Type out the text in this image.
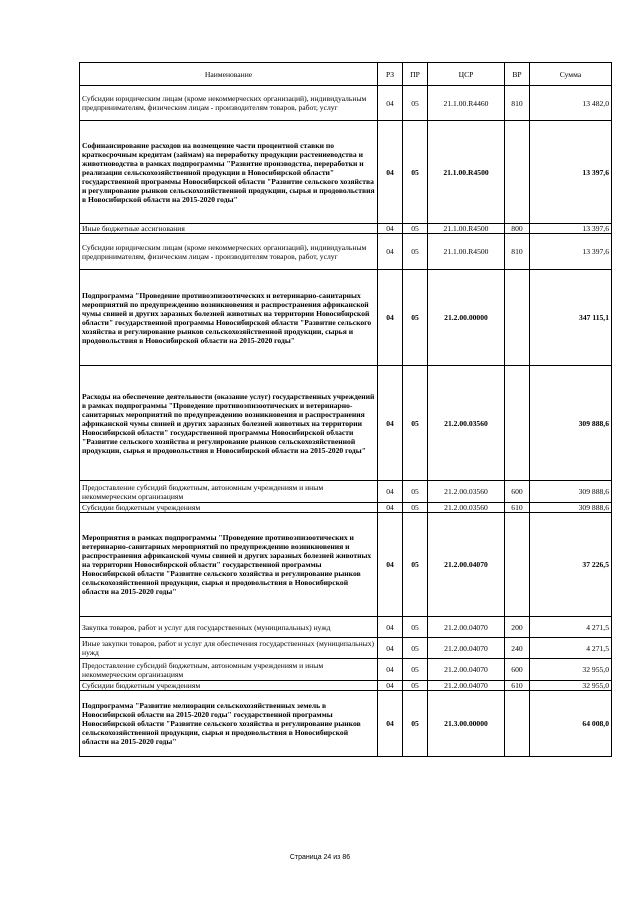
Наименование	РЗ	ПР	ЦСР	ВР	Сумма
Субсидии юридическим лицам (кроме некоммерческих организаций), индивидуальным предпринимателям, физическим лицам - производителям товаров, работ, услуг	04	05	21.1.00.R4460	810	13 482,0
Софинансирование расходов на возмещение части процентной ставки по краткосрочным кредитам (займам) на переработку продукции растениеводства и животноводства в рамках подпрограммы "Развитие производства, переработки и реализации сельскохозяйственной продукции в Новосибирской области" государственной программы Новосибирской области "Развитие сельского хозяйства и регулирование рынков сельскохозяйственной продукции, сырья и продовольствия в Новосибирской области на 2015-2020 годы"	04	05	21.1.00.R4500		13 397,6
Иные бюджетные ассигнования	04	05	21.1.00.R4500	800	13 397,6
Субсидии юридическим лицам (кроме некоммерческих организаций), индивидуальным предпринимателям, физическим лицам - производителям товаров, работ, услуг	04	05	21.1.00.R4500	810	13 397,6
Подпрограмма "Проведение противоэпизоотических и ветеринарно-санитарных мероприятий по предупреждению возникновения и распространения африканской чумы свиней и других заразных болезней животных на территории Новосибирской области" государственной программы Новосибирской области "Развитие сельского хозяйства и регулирование рынков сельскохозяйственной продукции, сырья и продовольствия в Новосибирской области на 2015-2020 годы"	04	05	21.2.00.00000		347 115,1
Расходы на обеспечение деятельности (оказание услуг) государственных учреждений в рамках подпрограммы "Проведение противоэпизоотических и ветеринарно-санитарных мероприятий по предупреждению возникновения и распространения африканской чумы свиней и других заразных болезней животных на территории Новосибирской области" государственной программы Новосибирской области "Развитие сельского хозяйства и регулирование рынков сельскохозяйственной продукции, сырья и продовольствия в Новосибирской области на 2015-2020 годы"	04	05	21.2.00.03560		309 888,6
Предоставление субсидий бюджетным, автономным учреждениям и иным некоммерческим организациям	04	05	21.2.00.03560	600	309 888,6
Субсидии бюджетным учреждениям	04	05	21.2.00.03560	610	309 888,6
Мероприятия в рамках подпрограммы "Проведение противоэпизоотических и ветеринарно-санитарных мероприятий по предупреждению возникновения и распространения африканской чумы свиней и других заразных болезней животных на территории Новосибирской области" государственной программы Новосибирской области "Развитие сельского хозяйства и регулирование рынков сельскохозяйственной продукции, сырья и продовольствия в Новосибирской области на 2015-2020 годы"	04	05	21.2.00.04070		37 226,5
Закупка товаров, работ и услуг для государственных (муниципальных) нужд	04	05	21.2.00.04070	200	4 271,5
Иные закупки товаров, работ и услуг для обеспечения государственных (муниципальных) нужд	04	05	21.2.00.04070	240	4 271,5
Предоставление субсидий бюджетным, автономным учреждениям и иным некоммерческим организациям	04	05	21.2.00.04070	600	32 955,0
Субсидии бюджетным учреждениям	04	05	21.2.00.04070	610	32 955,0
Подпрограмма "Развитие мелиорации сельскохозяйственных земель в Новосибирской области на 2015-2020 годы" государственной программы Новосибирской области "Развитие сельского хозяйства и регулирование рынков сельскохозяйственной продукции, сырья и продовольствия в Новосибирской области на 2015-2020 годы"	04	05	21.3.00.00000		64 008,0
Страница 24 из 86
